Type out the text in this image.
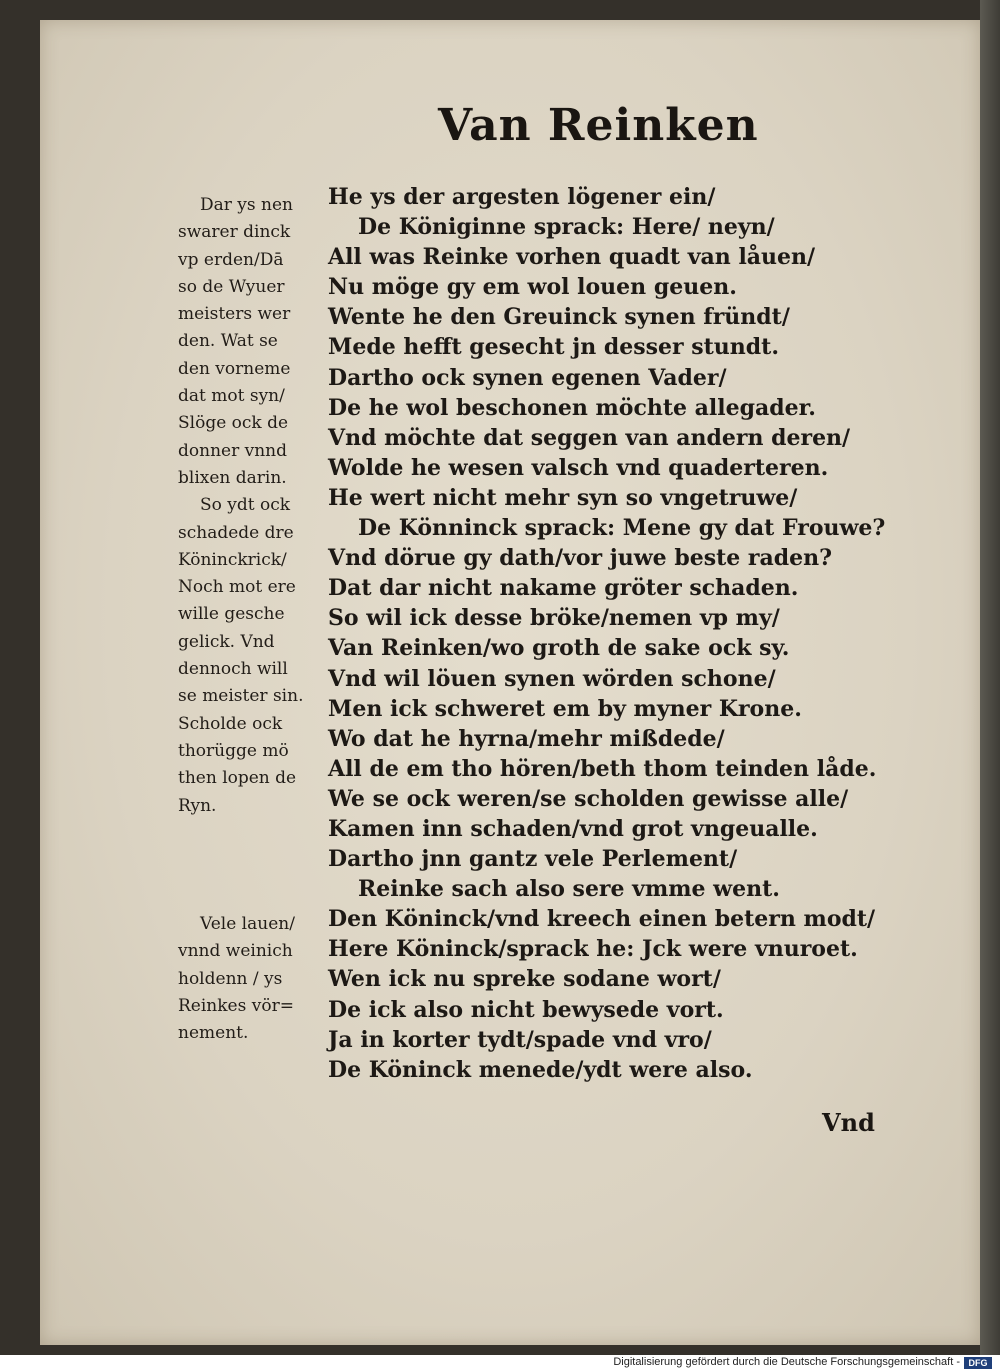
Van Reinken
Dar ys nen
swarer dinck
vp erden/Dā
so de Wyuer
meisters wer
den. Wat se
den vorneme
dat mot syn/
Slöge ock de
donner vnnd
blixen darin.
So ydt ock
schadede dre
Köninckrick/
Noch mot ere
wille gesche
gelick. Vnd
dennoch will
se meister sin.
Scholde ock
thorügge mö
then lopen de
Ryn.
Vele lauen/
vnnd weinich
holdenn / ys
Reinkes vör=
nement.
He ys der argesten lögener ein/
De Königinne sprack: Here/ neyn/
All was Reinke vorhen quadt van låuen/
Nu möge gy em wol louen geuen.
Wente he den Greuinck synen fründt/
Mede hefft gesecht jn desser stundt.
Dartho ock synen egenen Vader/
De he wol beschonen möchte allegader.
Vnd möchte dat seggen van andern deren/
Wolde he wesen valsch vnd quaderteren.
He wert nicht mehr syn so vngetruwe/
De Könninck sprack: Mene gy dat Frouwe?
Vnd dörue gy dath/vor juwe beste raden?
Dat dar nicht nakame gröter schaden.
So wil ick desse bröke/nemen vp my/
Van Reinken/wo groth de sake ock sy.
Vnd wil löuen synen wörden schone/
Men ick schweret em by myner Krone.
Wo dat he hyrna/mehr mißdede/
All de em tho hören/beth thom teinden låde.
We se ock weren/se scholden gewisse alle/
Kamen inn schaden/vnd grot vngeualle.
Dartho jnn gantz vele Perlement/
Reinke sach also sere vmme went.
Den Köninck/vnd kreech einen betern modt/
Here Köninck/sprack he: Jck were vnuroet.
Wen ick nu spreke sodane wort/
De ick also nicht bewysede vort.
Ja in korter tydt/spade vnd vro/
De Köninck menede/ydt were also.
Vnd
Digitalisierung gefördert durch die Deutsche Forschungsgemeinschaft - DFG
